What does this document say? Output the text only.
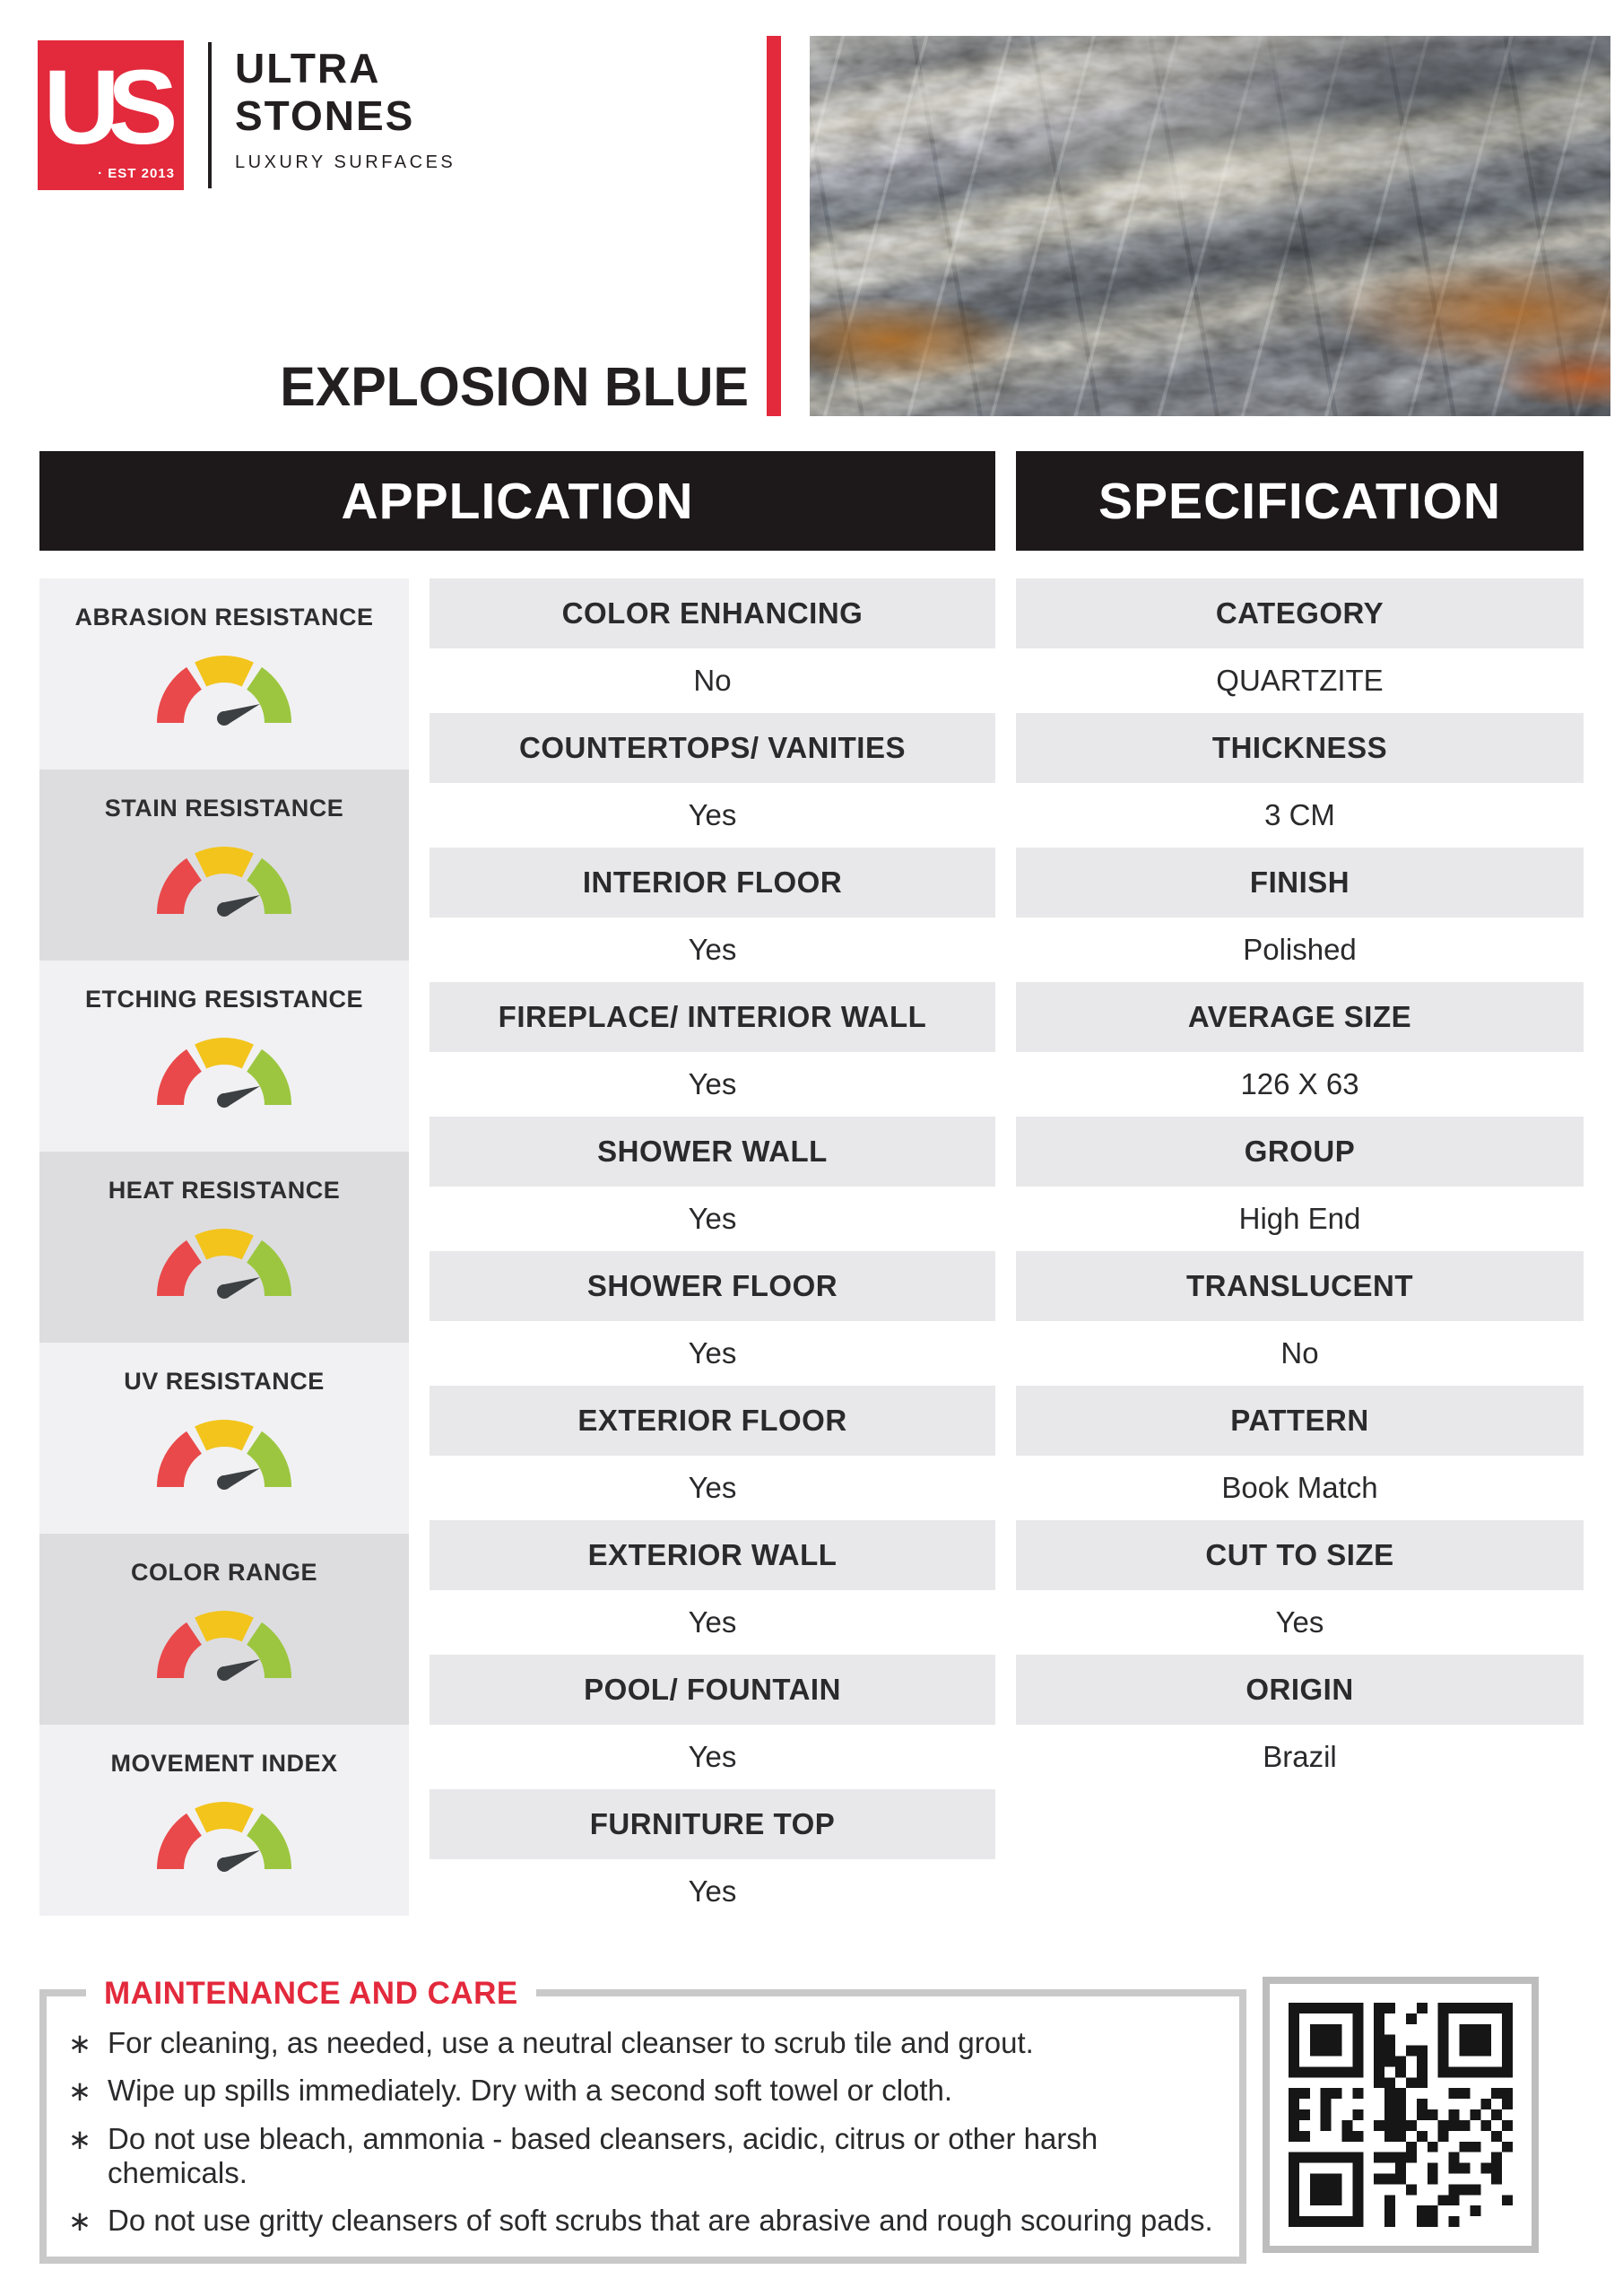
US
· EST 2013
ULTRA
STONES
LUXURY SURFACES
EXPLOSION BLUE
APPLICATION	SPECIFICATION
ABRASION RESISTANCE
STAIN RESISTANCE
ETCHING RESISTANCE
HEAT RESISTANCE
UV RESISTANCE
COLOR RANGE
MOVEMENT INDEX
COLOR ENHANCING
No
COUNTERTOPS/ VANITIES
Yes
INTERIOR FLOOR
Yes
FIREPLACE/ INTERIOR WALL
Yes
SHOWER WALL
Yes
SHOWER FLOOR
Yes
EXTERIOR FLOOR
Yes
EXTERIOR WALL
Yes
POOL/ FOUNTAIN
Yes
FURNITURE TOP
Yes
CATEGORY
QUARTZITE
THICKNESS
3 CM
FINISH
Polished
AVERAGE SIZE
126 X 63
GROUP
High End
TRANSLUCENT
No
PATTERN
Book Match
CUT TO SIZE
Yes
ORIGIN
Brazil
MAINTENANCE AND CARE
∗ For cleaning, as needed, use a neutral cleanser to scrub tile and grout.
∗ Wipe up spills immediately. Dry with a second soft towel or cloth.
∗ Do not use bleach, ammonia - based cleansers, acidic, citrus or other harsh chemicals.
∗ Do not use gritty cleansers of soft scrubs that are abrasive and rough scouring pads.
